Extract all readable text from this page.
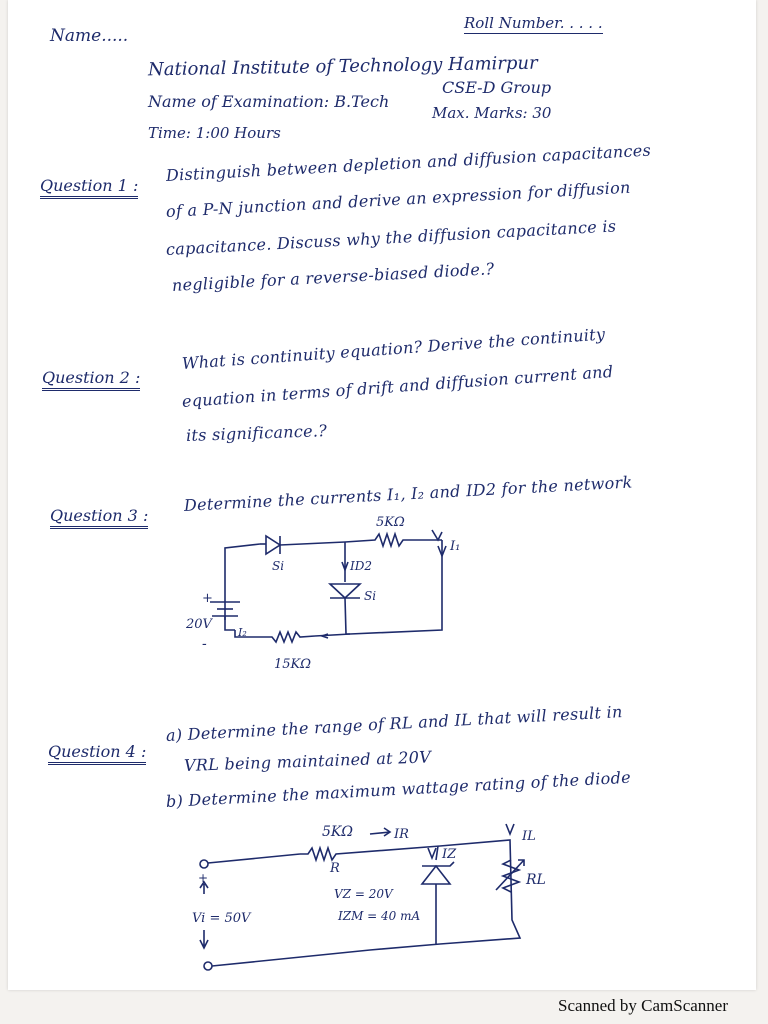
Name.....
Roll Number. . . . .
National Institute of Technology Hamirpur
Name of Examination: B.Tech
CSE-D Group
Time: 1:00 Hours
Max. Marks: 30
Question 1 :
Distinguish between depletion and diffusion capacitances
of a P-N junction and derive an expression for diffusion
capacitance. Discuss why the diffusion capacitance is
negligible for a reverse-biased diode.?
Question 2 :
What is continuity equation? Derive the continuity
equation in terms of drift and diffusion current and
its significance.?
Question 3 :
Determine the currents I₁, I₂ and ID2 for the network
5KΩ
Si	ID2
Si
I₁
+
20V
-
I₂
15KΩ
Question 4 :
a) Determine the range of RL and IL that will result in
VRL being maintained at 20V
b) Determine the maximum wattage rating of the diode
5KΩ	IR
R
IZ
IL
RL
VZ = 20V
IZM = 40 mA
Vi = 50V
+
Scanned by CamScanner
